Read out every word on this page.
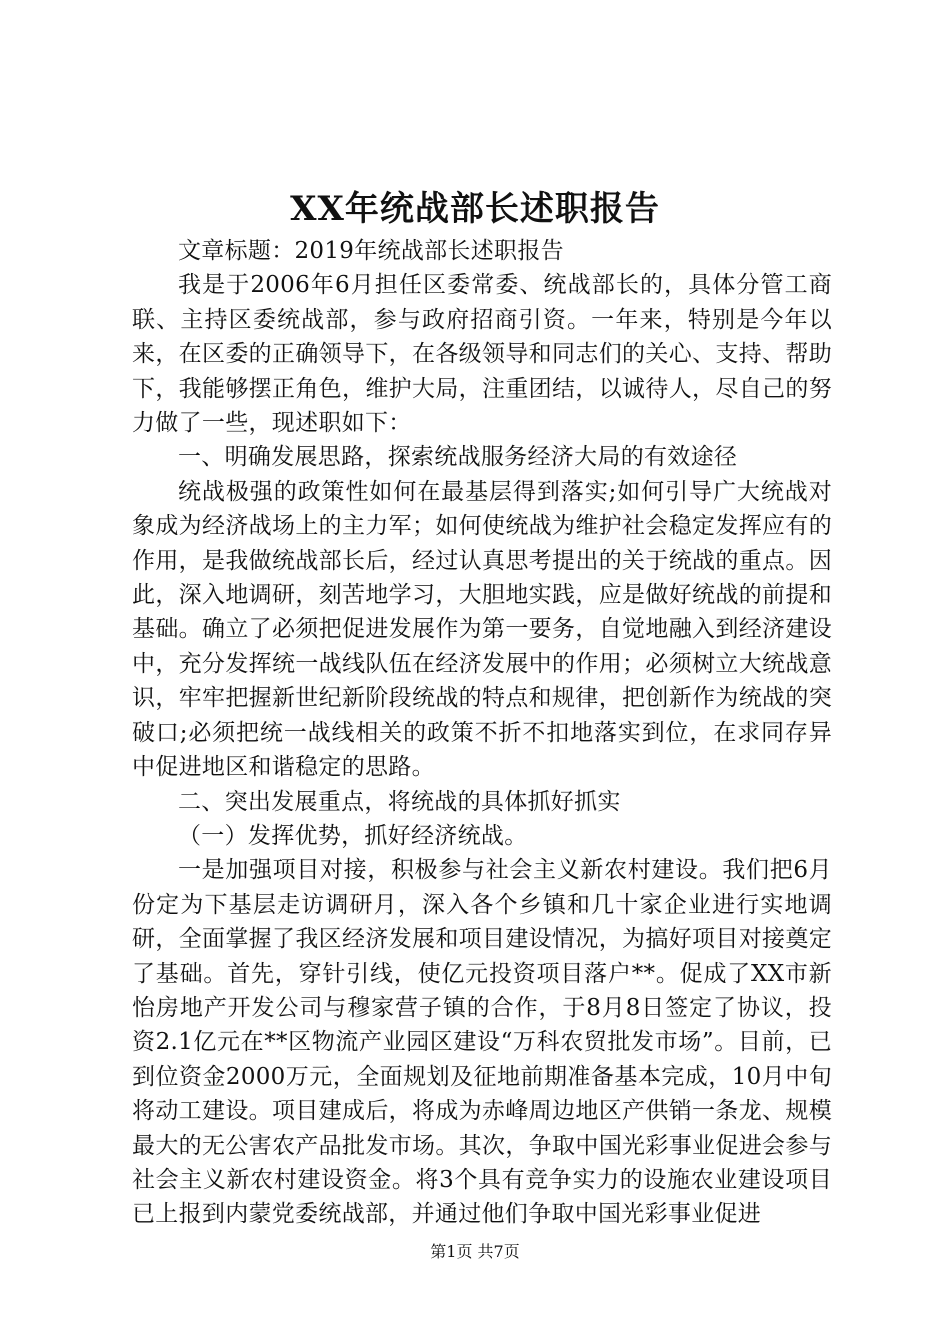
XX年统战部长述职报告

文章标题：2019年统战部长述职报告

我是于2006年6月担任区委常委、统战部长的，具体分管工商联、主持区委统战部，参与政府招商引资。一年来，特别是今年以来，在区委的正确领导下，在各级领导和同志们的关心、支持、帮助下，我能够摆正角色，维护大局，注重团结，以诚待人，尽自己的努力做了一些，现述职如下：

一、明确发展思路，探索统战服务经济大局的有效途径

统战极强的政策性如何在最基层得到落实;如何引导广大统战对象成为经济战场上的主力军；如何使统战为维护社会稳定发挥应有的作用，是我做统战部长后，经过认真思考提出的关于统战的重点。因此，深入地调研，刻苦地学习，大胆地实践，应是做好统战的前提和基础。确立了必须把促进发展作为第一要务，自觉地融入到经济建设中，充分发挥统一战线队伍在经济发展中的作用；必须树立大统战意识，牢牢把握新世纪新阶段统战的特点和规律，把创新作为统战的突破口;必须把统一战线相关的政策不折不扣地落实到位，在求同存异中促进地区和谐稳定的思路。

二、突出发展重点，将统战的具体抓好抓实

（一）发挥优势，抓好经济统战。

一是加强项目对接，积极参与社会主义新农村建设。我们把6月份定为下基层走访调研月，深入各个乡镇和几十家企业进行实地调研，全面掌握了我区经济发展和项目建设情况，为搞好项目对接奠定了基础。首先，穿针引线，使亿元投资项目落户**。促成了XX市新怡房地产开发公司与穆家营子镇的合作，于8月8日签定了协议，投资2.1亿元在**区物流产业园区建设“万科农贸批发市场”。目前，已到位资金2000万元，全面规划及征地前期准备基本完成，10月中旬将动工建设。项目建成后，将成为赤峰周边地区产供销一条龙、规模最大的无公害农产品批发市场。其次，争取中国光彩事业促进会参与社会主义新农村建设资金。将3个具有竞争实力的设施农业建设项目已上报到内蒙党委统战部，并通过他们争取中国光彩事业促进

第1页 共7页
